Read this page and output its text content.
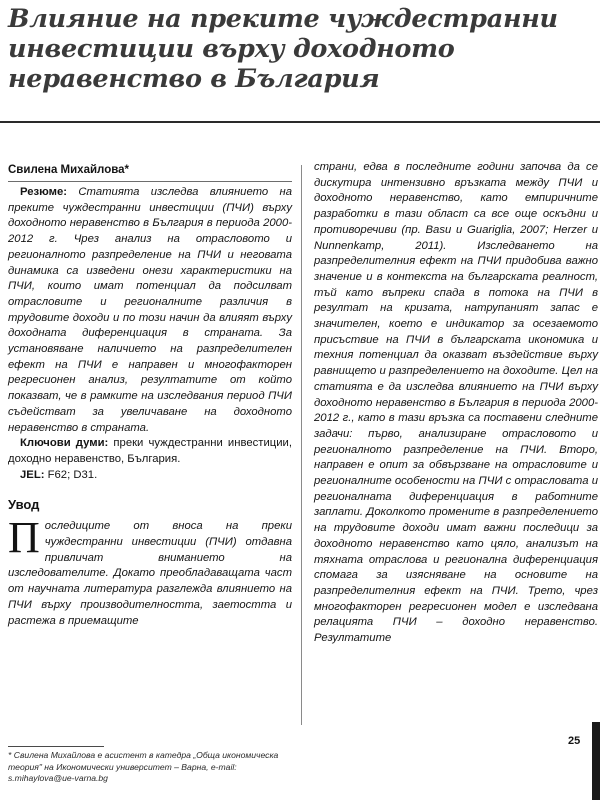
Влияние на преките чуждестранни инвестиции върху доходното неравенство в България
Свилена Михайлова*

Резюме: Статията изследва влиянието на преките чуждестранни инвестиции (ПЧИ) върху доходното неравенство в България в периода 2000-2012 г. Чрез анализ на отрасловото и регионалното разпределение на ПЧИ и неговата динамика са изведени онези характеристики на ПЧИ, които имат потенциал да подсилват отрасловите и регионалните различия в трудовите доходи и по този начин да влияят върху доходната диференциация в страната. За установяване наличието на разпределителен ефект на ПЧИ е направен и многофакторен регресионен анализ, резултатите от който показват, че в рамките на изследвания период ПЧИ съдействат за увеличаване на доходното неравенство в страната.

Ключови думи: преки чуждестранни инвестиции, доходно неравенство, България.

JEL: F62; D31.

Увод

Последиците от вноса на преки чуждестранни инвестиции (ПЧИ) отдавна привличат вниманието на изследователите. Докато преобладаващата част от научната литература разглежда влиянието на ПЧИ върху производителността, заетостта и растежа в приемащите

страни, едва в последните години започва да се дискутира интензивно връзката между ПЧИ и доходното неравенство, като емпиричните разработки в тази област са все още оскъдни и противоречиви (пр. Basu и Guariglia, 2007; Herzer и Nunnenkamp, 2011). Изследването на разпределителния ефект на ПЧИ придобива важно значение и в контекста на българската реалност, тъй като въпреки спада в потока на ПЧИ в резултат на кризата, натрупаният запас е значителен, което е индикатор за осезаемото присъствие на ПЧИ в българската икономика и техния потенциал да оказват въздействие върху равнището и разпределението на доходите. Цел на статията е да изследва влиянието на ПЧИ върху доходното неравенство в България в периода 2000-2012 г., като в тази връзка са поставени следните задачи: първо, анализиране отрасловото и регионалното разпределение на ПЧИ. Второ, направен е опит за обвързване на отрасловите и регионалните особености на ПЧИ с отрасловата и регионалната диференциация в работните заплати. Доколкото промените в разпределението на трудовите доходи имат важни последици за доходното неравенство като цяло, анализът на тяхната отраслова и регионална диференциация спомага за изясняване на основите на разпределителния ефект на ПЧИ. Трето, чрез многофакторен регресионен модел е изследвана релацията ПЧИ – доходно неравенство. Резултатите

* Свилена Михайлова е асистент в катедра „Обща икономическа теория" на Икономически университет – Варна, e-mail: s.mihaylova@ue-varna.bg

25
